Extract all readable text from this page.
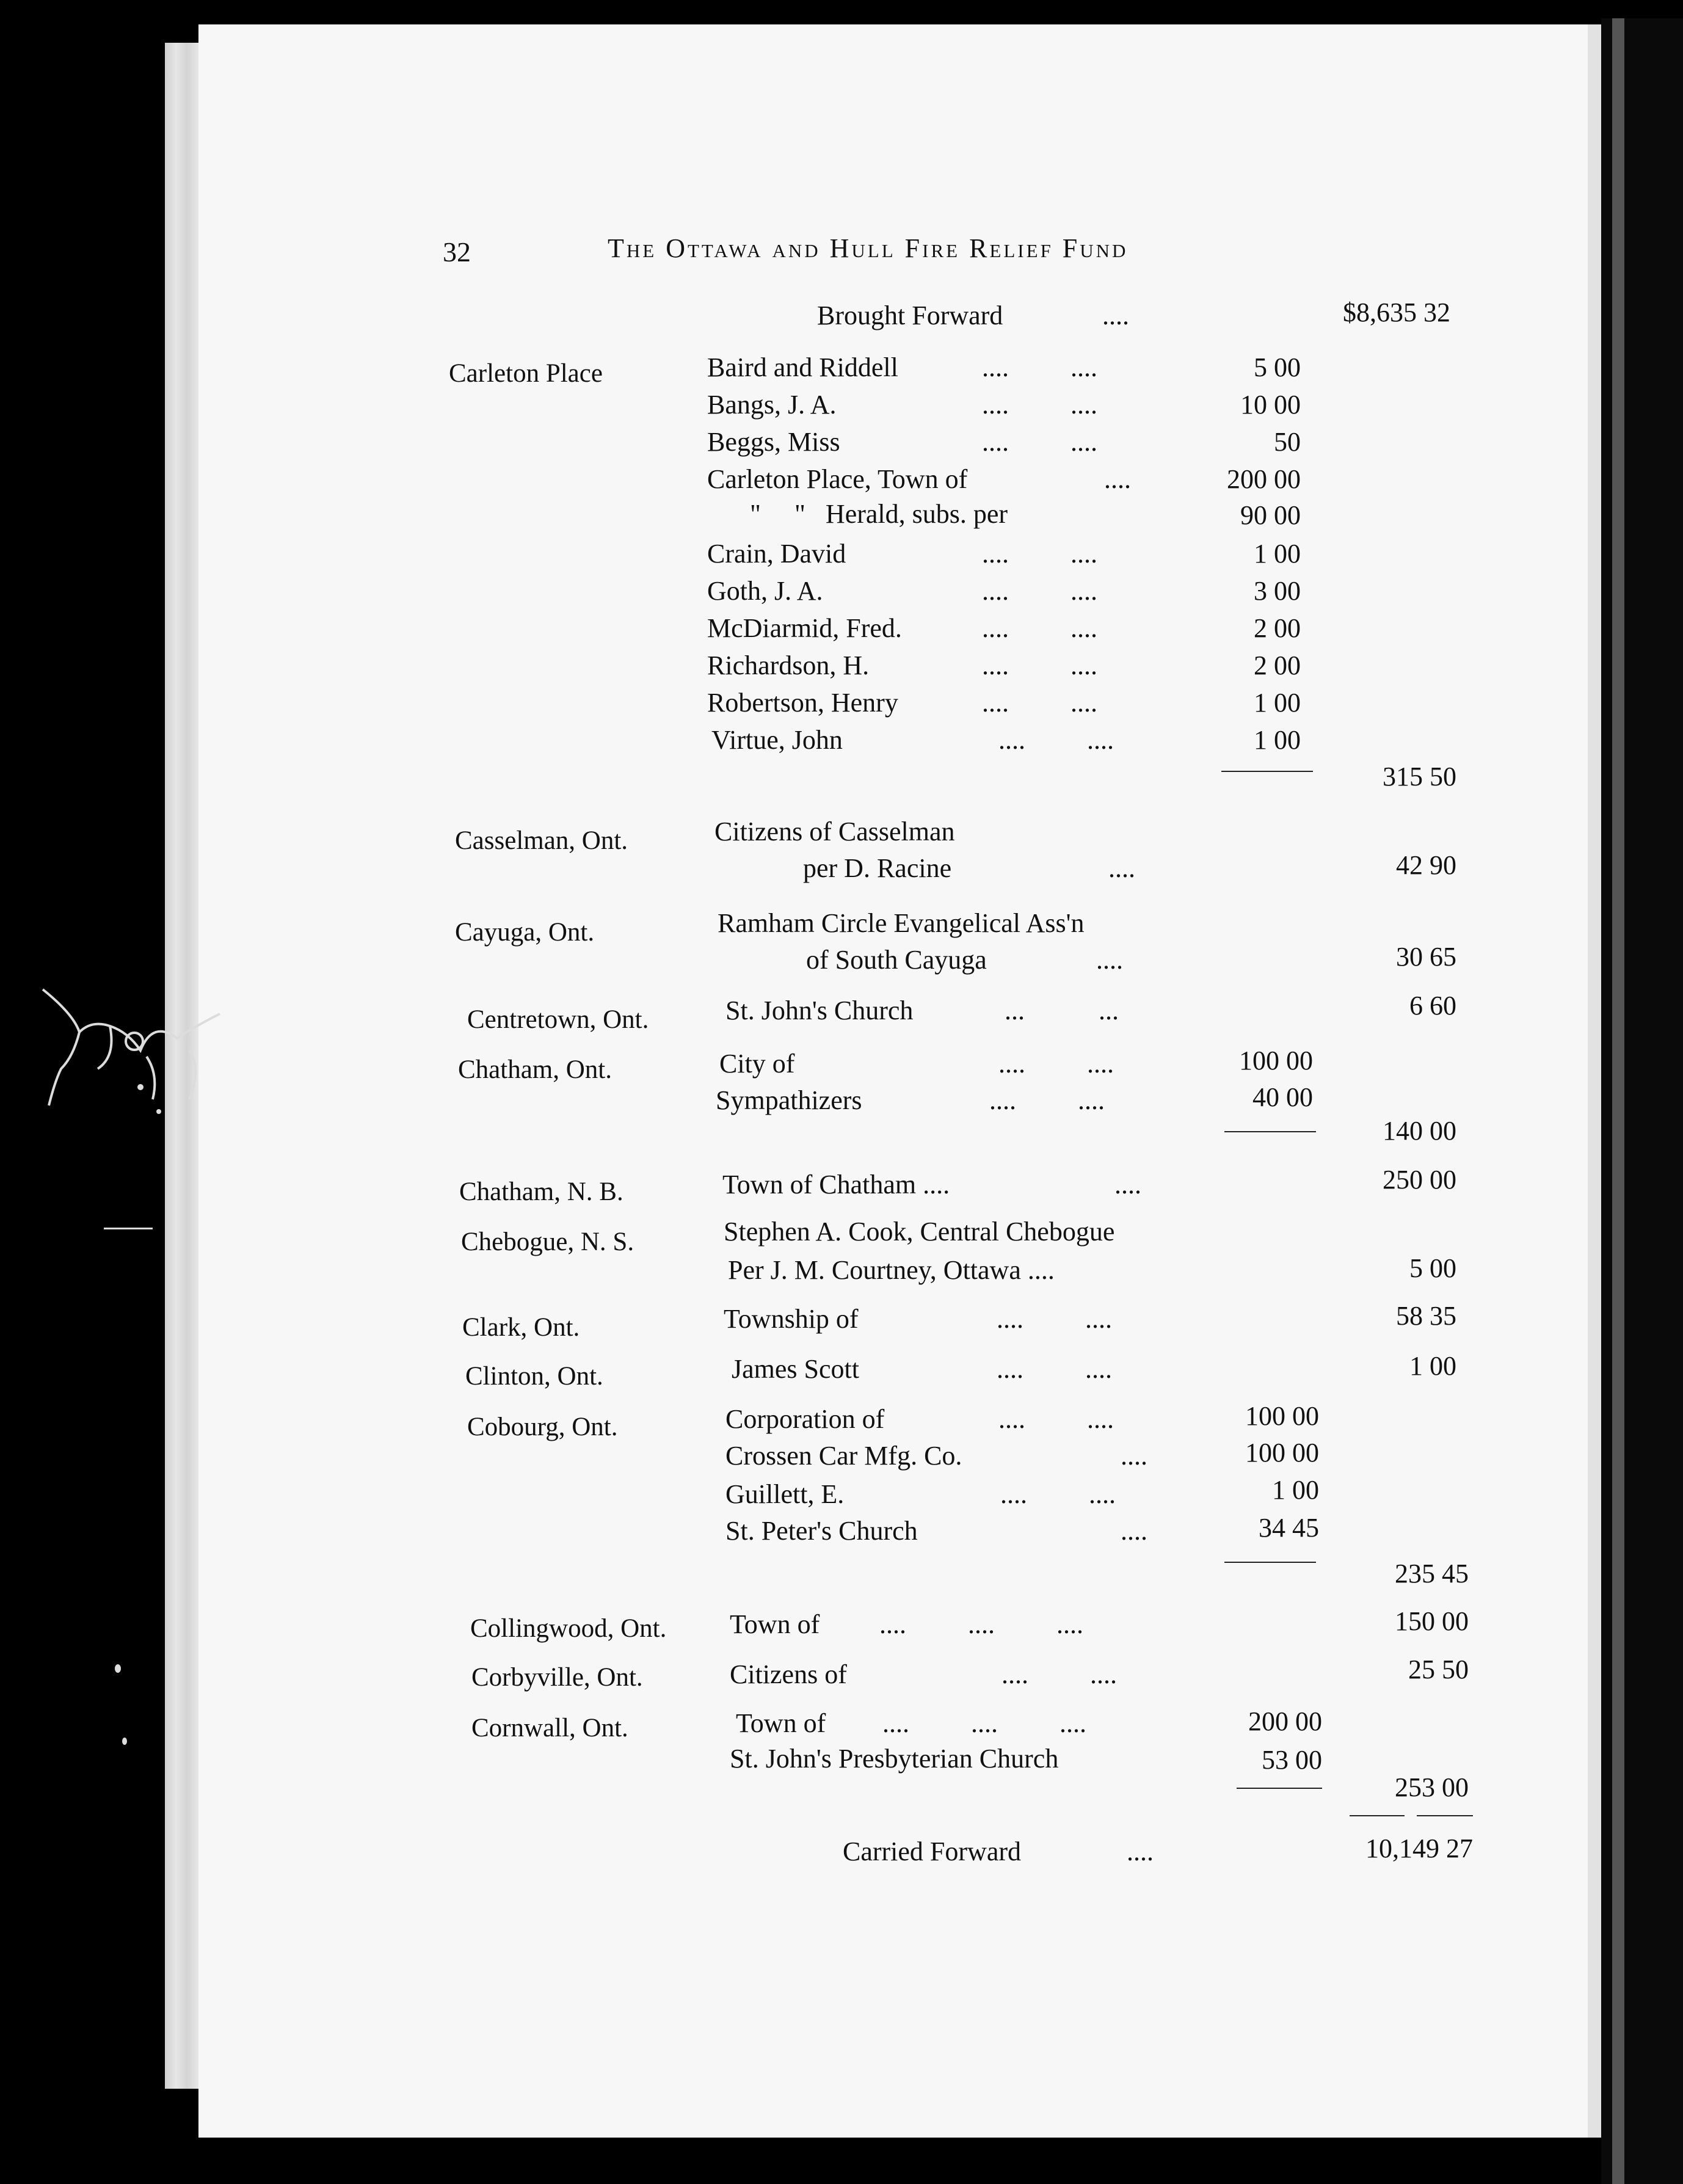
32	The Ottawa and Hull Fire Relief Fund
Brought Forward	....	$8,635 32
Carleton Place	Baird and Riddell	.... ....	5 00
Bangs, J. A.	.... ....	10 00
Beggs, Miss	.... ....	50
Carleton Place, Town of	....	200 00
"     "   Herald, subs. per	90 00
Crain, David	.... ....	1 00
Goth, J. A.	.... ....	3 00
McDiarmid, Fred.	.... ....	2 00
Richardson, H.	.... ....	2 00
Robertson, Henry	.... ....	1 00
Virtue, John	.... ....	1 00
315 50
Casselman, Ont.	Citizens of Casselman
per D. Racine	....	42 90
Cayuga, Ont.	Ramham Circle Evangelical Ass'n
of South Cayuga	....	30 65
Centretown, Ont.	St. John's Church	... ...	6 60
Chatham, Ont.	City of	.... ....	100 00
Sympathizers	.... ....	40 00
140 00
Chatham, N. B.	Town of Chatham ....	....	250 00
Chebogue, N. S.	Stephen A. Cook, Central Chebogue
Per J. M. Courtney, Ottawa ....	5 00
Clark, Ont.	Township of	.... ....	58 35
Clinton, Ont.	James Scott	.... ....	1 00
Cobourg, Ont.	Corporation of	.... ....	100 00
Crossen Car Mfg. Co.	....	100 00
Guillett, E.	.... ....	1 00
St. Peter's Church	....	34 45
235 45
Collingwood, Ont. Town of .... .... ....	150 00
Corbyville, Ont.	Citizens of	.... ....	25 50
Cornwall, Ont.	Town of .... .... ....	200 00
St. John's Presbyterian Church	53 00
253 00
Carried Forward	....	10,149 27
